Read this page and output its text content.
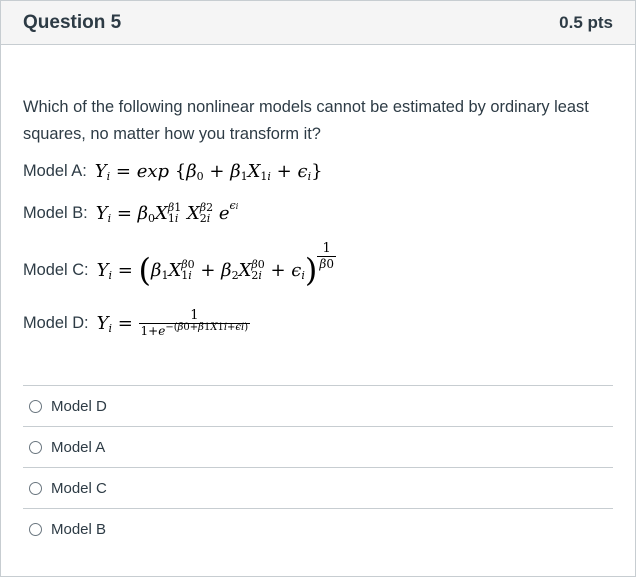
Question 5	0.5 pts
Which of the following nonlinear models cannot be estimated by ordinary least squares, no matter how you transform it?
Model A: Y i = exp { β 0 + β 1 X 1i + ϵ i }
Model B: Y i = β 0 X β1
1i
X β2
2i
e ϵi
Model C: Y i = ( β 1 X β0
1i + β 2 X β0
2i + ϵ i ) $\frac{1}{\beta 0}$
Model D: Y $i = \frac{1}{1+e^{-(\beta 0+\beta 1X1i+\epsilon i)}}$
Model D
Model A
Model C
Model B
